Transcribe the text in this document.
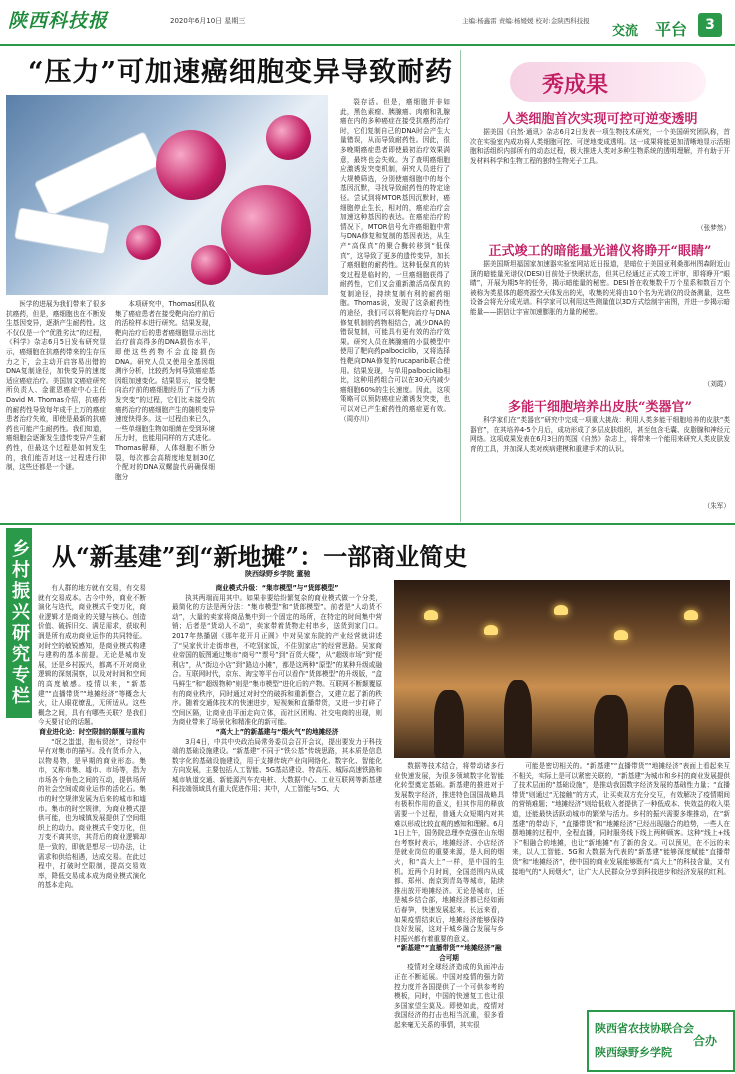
陕西科技报	2020年6月10日 星期三	主编:杨鑫雷 责编:杨媛媛 校对:金陕西科技报
交流 平台	3
“压力”可加速癌细胞变异导致耐药

医学的进展为我们带来了很多抗癌药，但是，癌细胞也在不断发生基因变异，逐渐产生耐药性。这不仅仅是一个“优胜劣汰”的过程，《科学》杂志6月5日发布研究显示，癌细胞在抗癌药带来的生存压力之下，会主动开启容易出错的DNA复制途径，加快变异的速度适应癌症治疗。美国加文癌症研究所负责人、金霍恩癌症中心主任David M. Thomas介绍，抗癌药的耐药性导致每年成千上万的癌症患者治疗失败，即使是最新的抗癌药也可能产生耐药性。我们知道，癌细胞会逐渐发生遗传变异产生耐药性，但最这个过程是如何发生的，我们能否对这一过程进行抑制，这些还都是一个谜。

本项研究中，Thomas团队收集了癌症患者在接受靶向治疗前后的活检样本进行研究。结果发现，靶向治疗后的患者癌细胞显示出比治疗前高得多的DNA损伤水平，即使这些药物不会直接损伤DNA。研究人员又使用全基因组测序分析，比较药为何导致癌症基因组加速变化。结果显示，接受靶向治疗前的癌细胞经历了“压力诱发突变”的过程，它们比未接受抗癌药治疗的癌细胞产生的随机变异速度快得多。这一过程由来已久，一些单细胞生物如细菌在受到环境压力时，也能用同样的方式进化。Thomas解释，人体细胞不断分裂，每次都会高精度地复制30亿个配对的DNA双螺旋代码确保细胞分

裂存活。但是，癌细胞并非如此，黑色素瘤、胰腺癌、肉瘤和乳腺癌在内的多种癌症在接受抗癌药治疗时，它们复制自己的DNA时会产生大量错误，从而导致耐药性。因此，很多晚期癌症患者即使最初治疗效果满意，最终也会失败。为了查明癌细胞应激诱发突变机制，研究人员进行了大规模筛选，分别使癌细胞中的每个基因沉默，寻找导致耐药性的特定途径。尝试到将MTOR基因沉默时，癌细胞停止生长，相对的，癌症治疗会加速这种基因的表达。在癌症治疗的情况下，MTOR信号允许癌细胞中常与DNA修复和复制的基因表达，从生产“高保真”的聚合酶转移到“低保真”，这导致了更多的遗传变异，加长了癌细胞的耐药性。这种低保真的转变过程是临时的，一旦癌细胞获得了耐药性，它们又会重新激活高保真的复制途径，持续复制有利的耐药细胞。Thomas说，发现了这条耐药性的途径，我们可以将靶向治疗与DNA修复机制的药物相结合，减少DNA的错误复制，可能具有更有效的治疗效果。研究人员在胰腺癌的小鼠模型中使用了靶向药palbociclib，又将选择性靶向DNA修复的rucaparib联合使用。结果发现，与单用palbociclib相比，这种用药组合可以在30天内减少癌细胞60%的生长速度。因此，这项策略可以预防癌症应激诱发突变，也可以对已产生耐药性的癌症更有效。（周亦川）

秀成果
人类细胞首次实现可控可逆变透明

据美国《自然·通讯》杂志6月2日发表一项生物技术研究，一个美国研究团队称，首次在实验室内成功将人类细胞可控、可逆地变成透明。这一成果将能更加清晰地显示活细胞和活组织内部所有的动态过程，极大推进人类对多种生物系统的透明理解，并有助于开发材料科学和生物工程的独特生物光子工具。

（张梦然）
正式竣工的暗能量光谱仪将睁开“眼睛”

据美国斯坦福国家加速器实验室网站近日报道，是暗位于美国亚利桑那州图森附近山顶的暗能量光谱仪(DESI)目前处于快眠状态，但其已经通过正式竣工评审，即将睁开“眼睛”，开展为期5年的任务，揭示暗能量的秘密。DESI旨在收集数千万个星系和数百万个被称为类星体的超亮源空天体发出的光，收集的光将由10个名为光谱仪的设备测量，这些设备会将光分成光谱。科学家可以利用这些测量值以3D方式绘制宇宙图，并进一步揭示暗能量——据信让宇宙加速膨胀的力量的秘密。

（刘霞）
多能干细胞培养出皮肤“类器官”

科学家们在“类器官”研究中完成一项重大挑战：利用人类多能干细胞培养的皮肤“类器官”，在其培养4-5个月后，成功形成了多层皮肤组织，甚至包含毛囊、皮脂腺和神经元网络。这项成果发表在6月3日的英国《自然》杂志上，将带来一个能用来研究人类皮肤发育的工具，并加深人类对疾病建模和重建手术的认识。

（朱军）
乡村振兴研究专栏 从“新基建”到“新地摊”：一部商业简史
陕西绿野乡学院 董驰

有人群的地方就有交易，有交易就有交易成本。古今中外，商业不断演化与迭代，商业模式千变万化，商业逻辑才是商业的关键与核心。创造价值、破拆旧交、满足需求，获取利润是所有成功商业运作的共同特征。对时空的敏锐感知，是商业模式构建与建构的基本前提。无论是城市发展，还是乡村振兴，都离不开对商业逻辑的深刻洞察，以及对时间和空间的高度敏感。疫情以来，“新基建”“直播带货”“地摊经济”等概念大火，让人眼花缭乱，无所适从。这些概念之间，具有有哪些关联？是我们今天要讨论的话题。

商业进化论：时空限制的颠覆与重构

“氓之蚩蚩，抱布贸丝”，诗经中早有对集市的描写。没有货币介入，以物易物，是早期的商业形态。集市，又称市集、墟市、市场等，指为市场各个角色之间的互动，提供场所的社会空间或商业运作的活化石。集市的时空规律发展为后来的城市和墟市。集市的时空规律，为商业模式提供可能，也为城镇发展提供了空间组织上的动力。商业模式千变万化，但万变不离其宗，其背后的商业逻辑却是一致的，即就是想尽一切办法，让需求和供给相遇，达成交易。在此过程中，打破时空限制，提高交易效率，降低交易成本成为商业模式演化的基本走向。

商业模式升级：“集市模型”与“货郎模型”

执其两端而用其中。如果非要给纷繁复杂的商业模式做一个分类，最简化的方法是两分法：“集市模型”和“货郎模型”。前者是“人动货不动”，大量的卖家将商品集中到一个固定的场所，在特定的时间集中营销；后者是“货动人不动”，卖家带着货物走村串乡，送货到家门口。2017年热播剧《那年花开月正圆》中对吴家东院的产业经营就讲述了“吴家伙计走街串巷，不吃别家饭，不住别家店”的经营思路。吴家商业帝国的版图通过集市“商号”“票号”到“百货大楼”，从“超级市场”到“便利店”，从“街边小店”到“路边小摊”，都是这两种“原型”的某种升级或融合。互联网时代，京东、淘宝等平台可以看作“货郎模型”的升级版，“盒马鲜生”和“超级物种”则是“集市模型”进化后的产物。互联网不断颠覆原有的商业秩序，同时通过对时空的破拆和重新整合，又建立起了新的秩序。随着交通体技术的快速进步，短视频和直播带货，又进一步打碎了空间区隔，让商业由平面走向立体，而社区团购、社交电商的出现，则为商业带来了场景化和精准化的新可能。

“高大上”的新基建与“烟火气”的地摊经济

3月4日，中共中央政治局常务委员会召开会议，提出要发力于科技端的基础设施建设。“新基建”不同于“铁公基”传统思路，其本质是信息数字化的基础设施建设，用于支撑传统产业向网络化、数字化、智能化方向发展，主要包括人工智能、5G基站建设、特高压、城际高速铁路和城市轨道交通、新能源汽车充电桩、大数据中心、工业互联网等新基建科技端领域具有重大促进作用；其中，人工智能与5G、大

数据等技术结合，将带动诸多行业快速发展，为很多领域数字化智能化转型奠定基础。新基建的推进对于发展数字经济，推进特色国国战略具有极积作用的意义，但其作用的释放需要一个过程，普通大众短期内对其难以形成比较直观的感知和理解。6月1日上午，国务院总理李克强在山东烟台考察时表示，地摊经济、小店经济是就业岗位的重要来源，是人间的烟火，和“高大上”一样，是中国的生机。近两个月时间，全国范围内从成都、郑州、南京到青岛等城市，陆续推出放开地摊经济。无论是城市，还是城乡结合部，地摊经济都已经如雨后春笋，快速发展起来。长远来看，如果疫情结束后，地摊经济能够保持良好发展，这对于城乡融合发展与乡村振兴都有着重要的意义。

“新基建”“直播带货”“地摊经济”融合可期

疫情对全球经济造成的负面冲击正在不断延展。中国对疫情的强力防控力度并各国提供了一个可供参考的模板，同时，中国的快速复工也让很多国家望尘莫及。即使如此，疫情对我国经济的打击也相当沉重，很多看起来毫无关系的事情，其实很

可能是密切相关的。“新基建”“直播带货”“地摊经济”表面上看起来互不相关，实际上是可以紧密关联的，“新基建”为城市和乡村的商业发展提供了技术层面的“基础设施”，是推动我国数字经济发展的基础性力量；“直播带货”则通过“无接触”的方式，让买卖双方充分交互，有效解决了疫情期间的营销难题；“地摊经济”则给低收入者提供了一种低成本、快效益的收入渠道，还能最快活跃动城市的繁荣与活力。乡村的振兴需要多维推动，在“新基建”的带动下，“直播带货”和“地摊经济”已经出现融合的趋势，一些人在摆地摊的过程中，全程直播，同时服务线下线上两种顾客。这种“线上+线下”相融合的地摊，也让“新地摊”有了新的含义。可以预见，在不远的未来，以人工智能、5G和大数据为代表的“新基建”能够深度赋能“直播带货”和“地摊经济”，使中国的商业发展能够既有“高大上”的科技含量，又有接地气的“人间烟火”，让广大人民群众分享到科技进步和经济发展的红利。

陕西省农技协联合会
陕西绿野乡学院
合办
